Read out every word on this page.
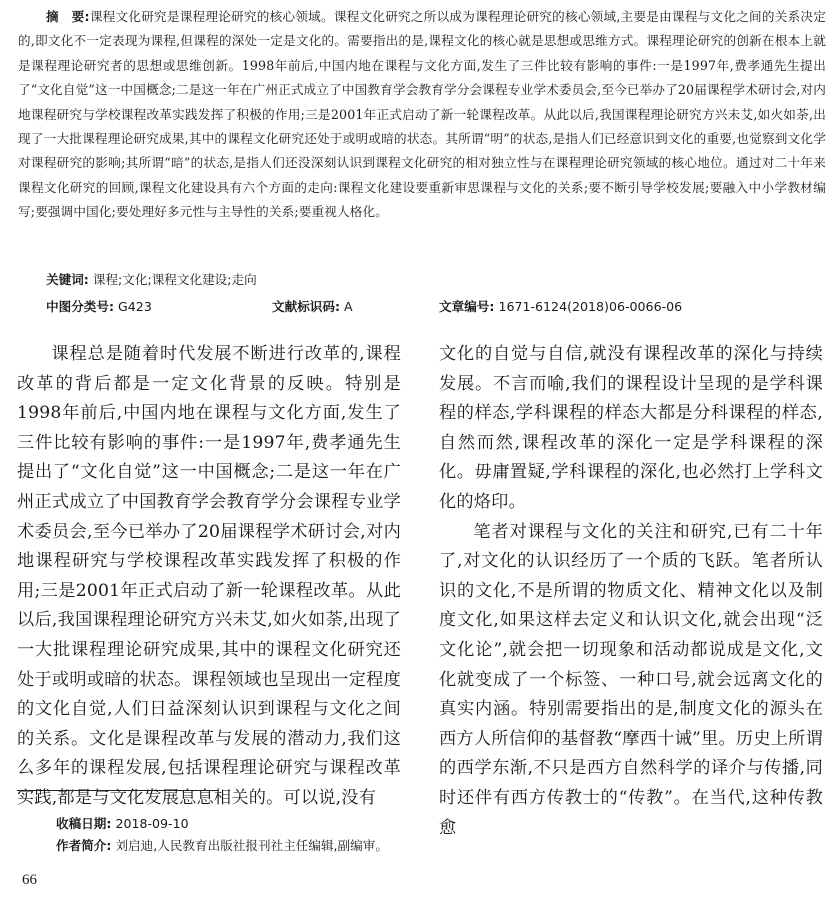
摘　要:课程文化研究是课程理论研究的核心领域。课程文化研究之所以成为课程理论研究的核心领域,主要是由课程与文化之间的关系决定的,即文化不一定表现为课程,但课程的深处一定是文化的。需要指出的是,课程文化的核心就是思想或思维方式。课程理论研究的创新在根本上就是课程理论研究者的思想或思维创新。1998年前后,中国内地在课程与文化方面,发生了三件比较有影响的事件:一是1997年,费孝通先生提出了“文化自觉”这一中国概念;二是这一年在广州正式成立了中国教育学会教育学分会课程专业学术委员会,至今已举办了20届课程学术研讨会,对内地课程研究与学校课程改革实践发挥了积极的作用;三是2001年正式启动了新一轮课程改革。从此以后,我国课程理论研究方兴未艾,如火如荼,出现了一大批课程理论研究成果,其中的课程文化研究还处于或明或暗的状态。其所谓“明”的状态,是指人们已经意识到文化的重要,也觉察到文化学对课程研究的影响;其所谓“暗”的状态,是指人们还没深刻认识到课程文化研究的相对独立性与在课程理论研究领域的核心地位。通过对二十年来课程文化研究的回顾,课程文化建设具有六个方面的走向:课程文化建设要重新审思课程与文化的关系;要不断引导学校发展;要融入中小学教材编写;要强调中国化;要处理好多元性与主导性的关系;要重视人格化。
关键词: 课程;文化;课程文化建设;走向
中图分类号: G423	文献标识码: A	文章编号: 1671-6124(2018)06-0066-06

课程总是随着时代发展不断进行改革的,课程改革的背后都是一定文化背景的反映。特别是1998年前后,中国内地在课程与文化方面,发生了三件比较有影响的事件:一是1997年,费孝通先生提出了“文化自觉”这一中国概念;二是这一年在广州正式成立了中国教育学会教育学分会课程专业学术委员会,至今已举办了20届课程学术研讨会,对内地课程研究与学校课程改革实践发挥了积极的作用;三是2001年正式启动了新一轮课程改革。从此以后,我国课程理论研究方兴未艾,如火如荼,出现了一大批课程理论研究成果,其中的课程文化研究还处于或明或暗的状态。课程领域也呈现出一定程度的文化自觉,人们日益深刻认识到课程与文化之间的关系。文化是课程改革与发展的潜动力,我们这么多年的课程发展,包括课程理论研究与课程改革实践,都是与文化发展息息相关的。可以说,没有

文化的自觉与自信,就没有课程改革的深化与持续发展。不言而喻,我们的课程设计呈现的是学科课程的样态,学科课程的样态大都是分科课程的样态,自然而然,课程改革的深化一定是学科课程的深化。毋庸置疑,学科课程的深化,也必然打上学科文化的烙印。

笔者对课程与文化的关注和研究,已有二十年了,对文化的认识经历了一个质的飞跃。笔者所认识的文化,不是所谓的物质文化、精神文化以及制度文化,如果这样去定义和认识文化,就会出现“泛文化论”,就会把一切现象和活动都说成是文化,文化就变成了一个标签、一种口号,就会远离文化的真实内涵。特别需要指出的是,制度文化的源头在西方人所信仰的基督教“摩西十诫”里。历史上所谓的西学东渐,不只是西方自然科学的译介与传播,同时还伴有西方传教士的“传教”。在当代,这种传教愈

收稿日期: 2018-09-10
作者简介: 刘启迪,人民教育出版社报刊社主任编辑,副编审。
66
